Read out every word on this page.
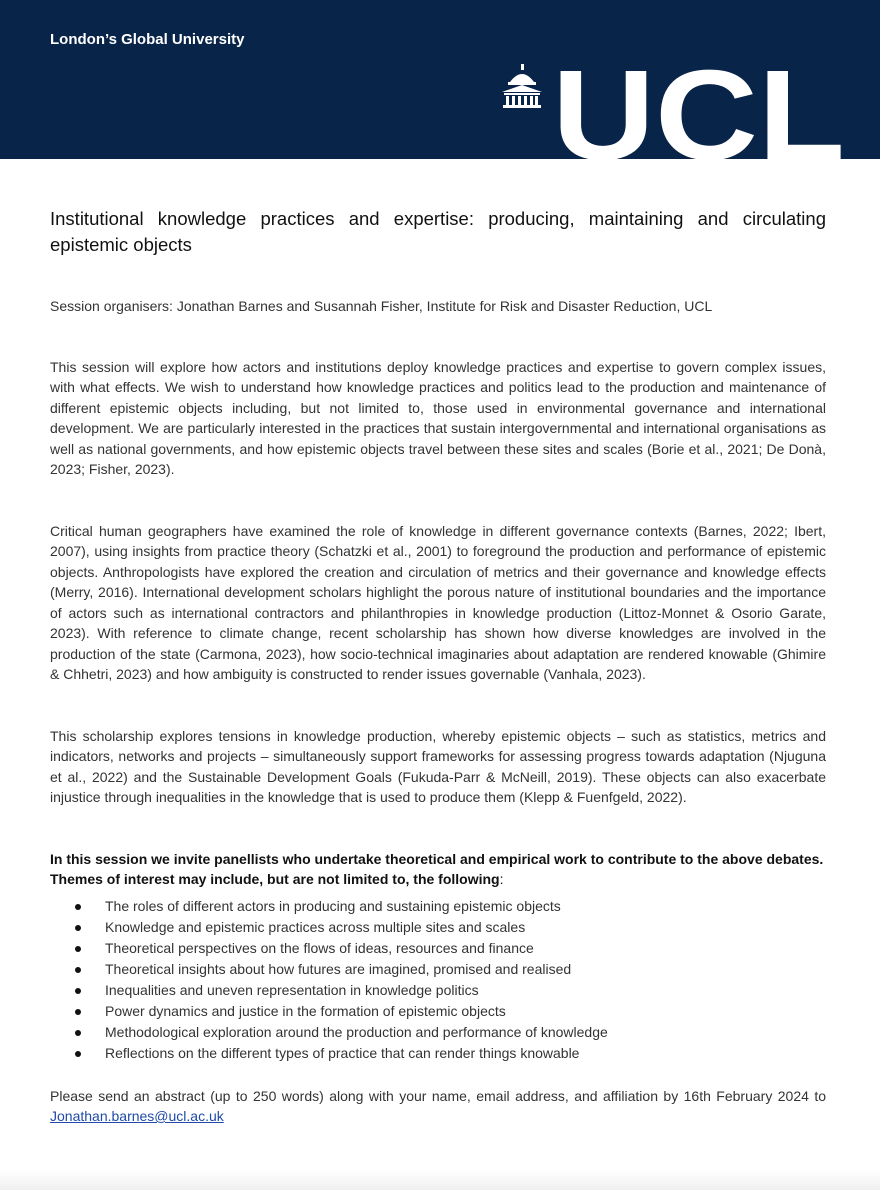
London’s Global University
UCL
Institutional knowledge practices and expertise: producing, maintaining and circulating epistemic objects

Session organisers: Jonathan Barnes and Susannah Fisher, Institute for Risk and Disaster Reduction, UCL

This session will explore how actors and institutions deploy knowledge practices and expertise to govern complex issues, with what effects. We wish to understand how knowledge practices and politics lead to the production and maintenance of different epistemic objects including, but not limited to, those used in environmental governance and international development. We are particularly interested in the practices that sustain intergovernmental and international organisations as well as national governments, and how epistemic objects travel between these sites and scales (Borie et al., 2021; De Donà, 2023; Fisher, 2023).

Critical human geographers have examined the role of knowledge in different governance contexts (Barnes, 2022; Ibert, 2007), using insights from practice theory (Schatzki et al., 2001) to foreground the production and performance of epistemic objects. Anthropologists have explored the creation and circulation of metrics and their governance and knowledge effects (Merry, 2016). International development scholars highlight the porous nature of institutional boundaries and the importance of actors such as international contractors and philanthropies in knowledge production (Littoz-Monnet & Osorio Garate, 2023). With reference to climate change, recent scholarship has shown how diverse knowledges are involved in the production of the state (Carmona, 2023), how socio-technical imaginaries about adaptation are rendered knowable (Ghimire & Chhetri, 2023) and how ambiguity is constructed to render issues governable (Vanhala, 2023).

This scholarship explores tensions in knowledge production, whereby epistemic objects – such as statistics, metrics and indicators, networks and projects – simultaneously support frameworks for assessing progress towards adaptation (Njuguna et al., 2022) and the Sustainable Development Goals (Fukuda-Parr & McNeill, 2019). These objects can also exacerbate injustice through inequalities in the knowledge that is used to produce them (Klepp & Fuenfgeld, 2022).

In this session we invite panellists who undertake theoretical and empirical work to contribute to the above debates. Themes of interest may include, but are not limited to, the following:

The roles of different actors in producing and sustaining epistemic objects
Knowledge and epistemic practices across multiple sites and scales
Theoretical perspectives on the flows of ideas, resources and finance
Theoretical insights about how futures are imagined, promised and realised
Inequalities and uneven representation in knowledge politics
Power dynamics and justice in the formation of epistemic objects
Methodological exploration around the production and performance of knowledge
Reflections on the different types of practice that can render things knowable

Please send an abstract (up to 250 words) along with your name, email address, and affiliation by 16th February 2024 to Jonathan.barnes@ucl.ac.uk
